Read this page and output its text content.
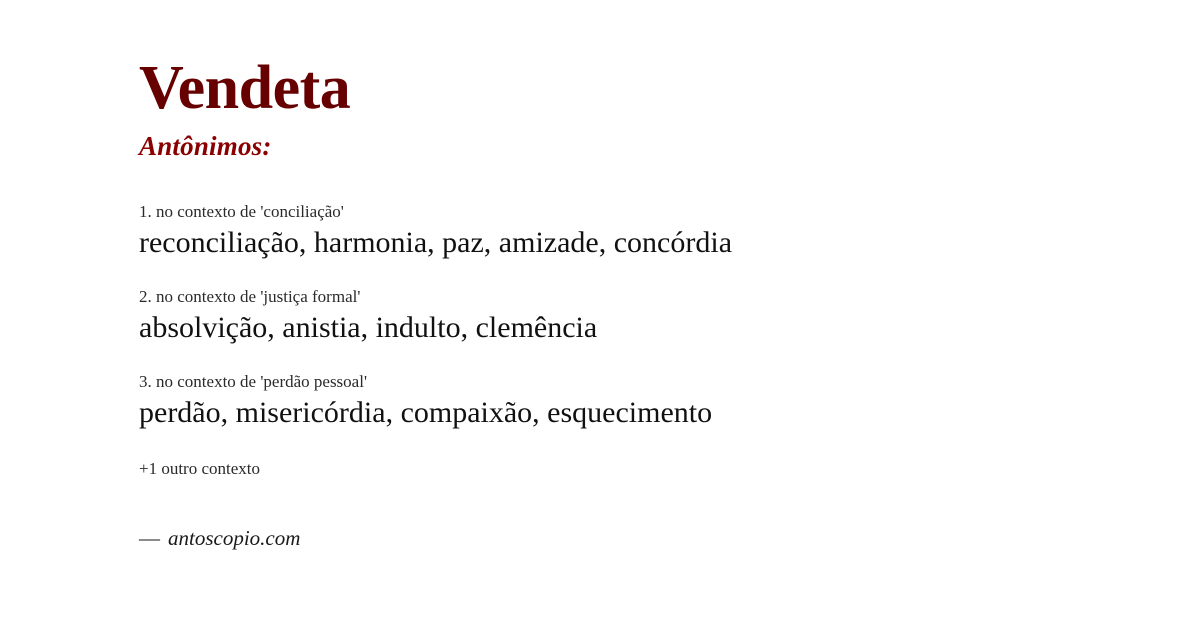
Vendeta
Antônimos:

1. no contexto de 'conciliação'

reconciliação, harmonia, paz, amizade, concórdia

2. no contexto de 'justiça formal'

absolvição, anistia, indulto, clemência

3. no contexto de 'perdão pessoal'

perdão, misericórdia, compaixão, esquecimento

+1 outro contexto

— antoscopio.com
